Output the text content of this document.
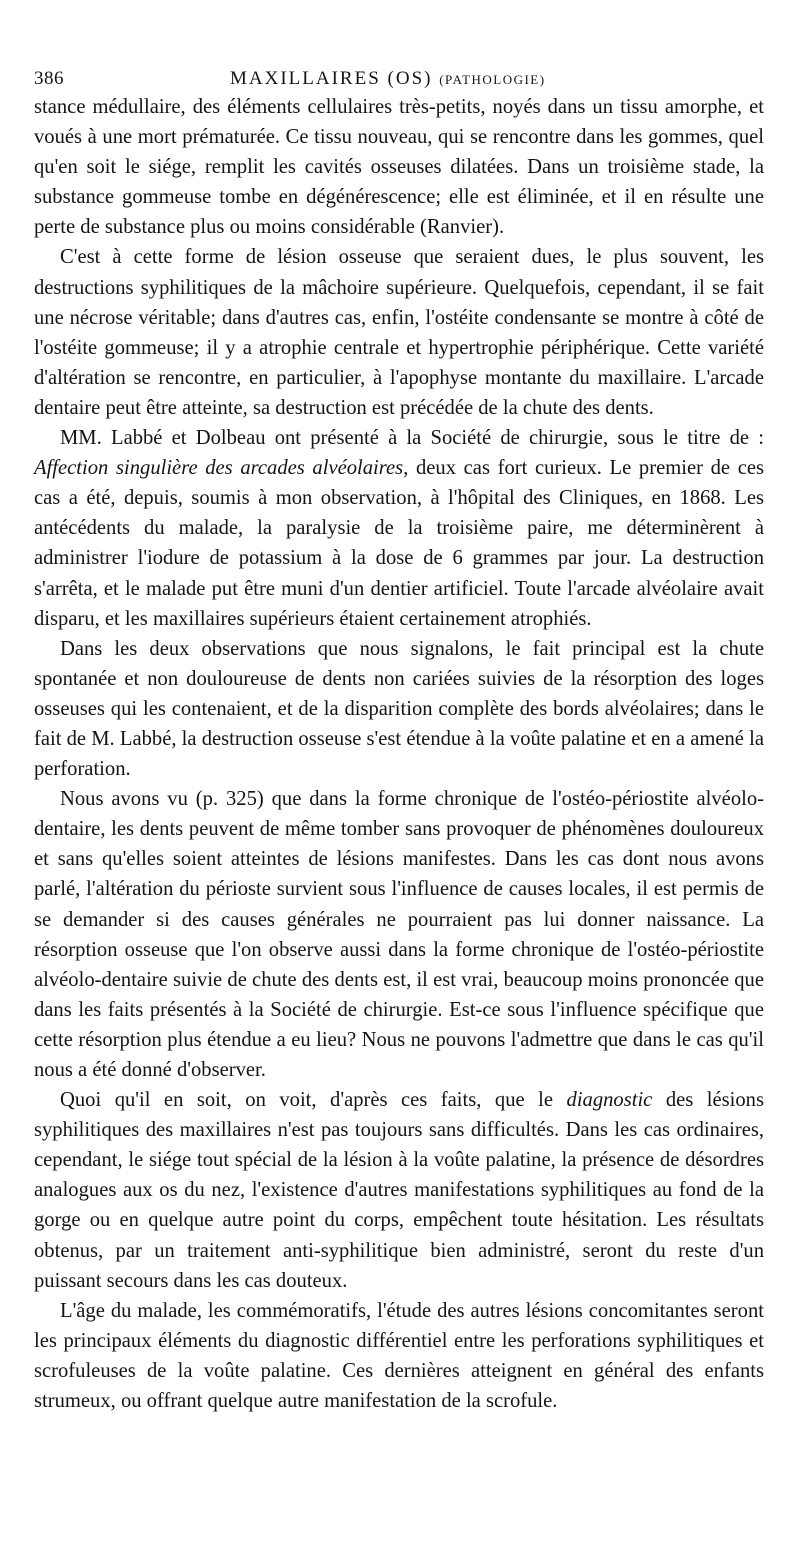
386	MAXILLAIRES (OS) (PATHOLOGIE)

stance médullaire, des éléments cellulaires très-petits, noyés dans un tissu amorphe, et voués à une mort prématurée. Ce tissu nouveau, qui se rencontre dans les gommes, quel qu'en soit le siége, remplit les cavités osseuses dilatées. Dans un troisième stade, la substance gommeuse tombe en dégénérescence; elle est éliminée, et il en résulte une perte de substance plus ou moins considérable (Ranvier).

C'est à cette forme de lésion osseuse que seraient dues, le plus souvent, les destructions syphilitiques de la mâchoire supérieure. Quelquefois, cependant, il se fait une nécrose véritable; dans d'autres cas, enfin, l'ostéite condensante se montre à côté de l'ostéite gommeuse; il y a atrophie centrale et hypertrophie périphérique. Cette variété d'altération se rencontre, en particulier, à l'apophyse montante du maxillaire. L'arcade dentaire peut être atteinte, sa destruction est précédée de la chute des dents.

MM. Labbé et Dolbeau ont présenté à la Société de chirurgie, sous le titre de : Affection singulière des arcades alvéolaires, deux cas fort curieux. Le premier de ces cas a été, depuis, soumis à mon observation, à l'hôpital des Cliniques, en 1868. Les antécédents du malade, la paralysie de la troisième paire, me déterminèrent à administrer l'iodure de potassium à la dose de 6 grammes par jour. La destruction s'arrêta, et le malade put être muni d'un dentier artificiel. Toute l'arcade alvéolaire avait disparu, et les maxillaires supérieurs étaient certainement atrophiés.

Dans les deux observations que nous signalons, le fait principal est la chute spontanée et non douloureuse de dents non cariées suivies de la résorption des loges osseuses qui les contenaient, et de la disparition complète des bords alvéolaires; dans le fait de M. Labbé, la destruction osseuse s'est étendue à la voûte palatine et en a amené la perforation.

Nous avons vu (p. 325) que dans la forme chronique de l'ostéo-périostite alvéolo-dentaire, les dents peuvent de même tomber sans provoquer de phénomènes douloureux et sans qu'elles soient atteintes de lésions manifestes. Dans les cas dont nous avons parlé, l'altération du périoste survient sous l'influence de causes locales, il est permis de se demander si des causes générales ne pourraient pas lui donner naissance. La résorption osseuse que l'on observe aussi dans la forme chronique de l'ostéo-périostite alvéolo-dentaire suivie de chute des dents est, il est vrai, beaucoup moins prononcée que dans les faits présentés à la Société de chirurgie. Est-ce sous l'influence spécifique que cette résorption plus étendue a eu lieu? Nous ne pouvons l'admettre que dans le cas qu'il nous a été donné d'observer.

Quoi qu'il en soit, on voit, d'après ces faits, que le diagnostic des lésions syphilitiques des maxillaires n'est pas toujours sans difficultés. Dans les cas ordinaires, cependant, le siége tout spécial de la lésion à la voûte palatine, la présence de désordres analogues aux os du nez, l'existence d'autres manifestations syphilitiques au fond de la gorge ou en quelque autre point du corps, empêchent toute hésitation. Les résultats obtenus, par un traitement anti-syphilitique bien administré, seront du reste d'un puissant secours dans les cas douteux.

L'âge du malade, les commémoratifs, l'étude des autres lésions concomitantes seront les principaux éléments du diagnostic différentiel entre les perforations syphilitiques et scrofuleuses de la voûte palatine. Ces dernières atteignent en général des enfants strumeux, ou offrant quelque autre manifestation de la scrofule.
